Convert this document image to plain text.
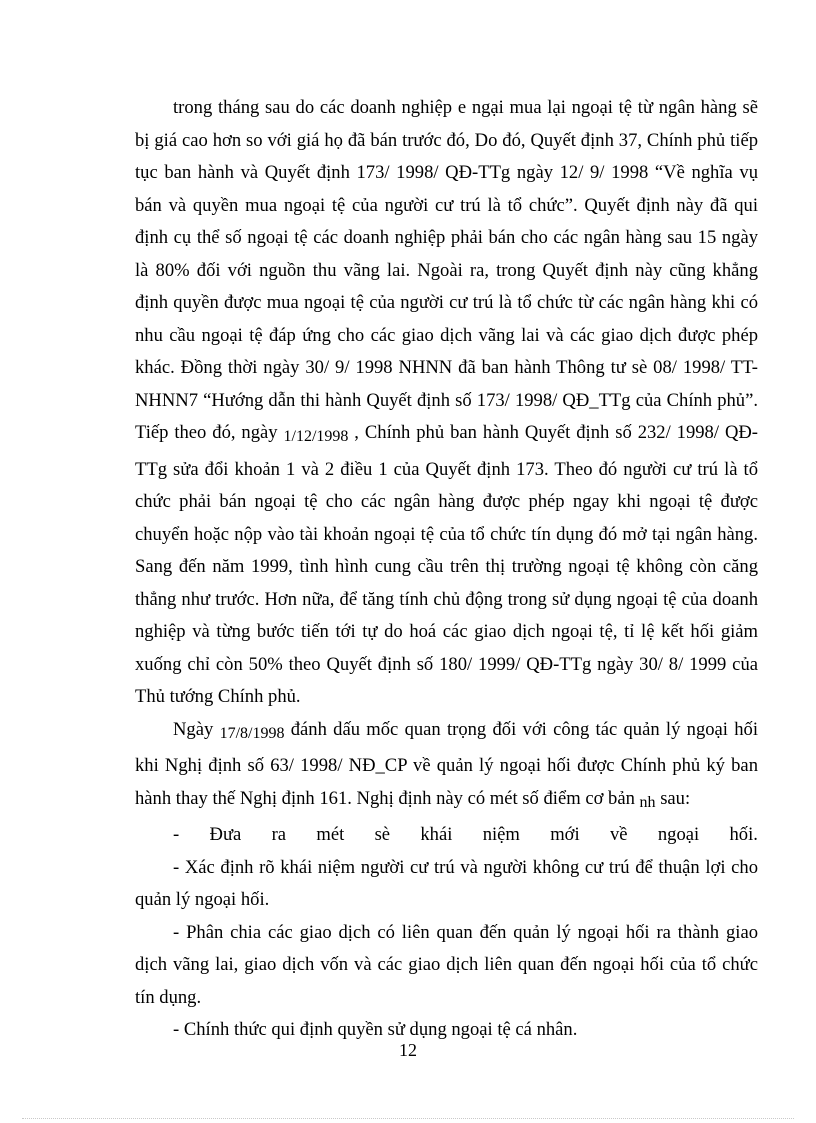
trong tháng sau do các doanh nghiệp e ngại mua lại ngoại tệ từ ngân hàng sẽ bị giá cao hơn so với giá họ đã bán trước đó, Do đó, Quyết định 37, Chính phủ tiếp tục ban hành và Quyết định 173/ 1998/ QĐ-TTg ngày 12/ 9/ 1998 “Về nghĩa vụ bán và quyền mua ngoại tệ của người cư trú là tổ chức”. Quyết định này đã qui định cụ thể số ngoại tệ các doanh nghiệp phải bán cho các ngân hàng sau 15 ngày là 80% đối với nguồn thu vãng lai. Ngoài ra, trong Quyết định này cũng khẳng định quyền được mua ngoại tệ của người cư trú là tổ chức từ các ngân hàng khi có nhu cầu ngoại tệ đáp ứng cho các giao dịch vãng lai và các giao dịch được phép khác. Đồng thời ngày 30/ 9/ 1998 NHNN đã ban hành Thông tư sè 08/ 1998/ TT-NHNN7 “Hướng dẫn thi hành Quyết định số 173/ 1998/ QĐ_TTg của Chính phủ”. Tiếp theo đó, ngày 1/12/1998 , Chính phủ ban hành Quyết định số 232/ 1998/ QĐ-TTg sửa đổi khoản 1 và 2 điều 1 của Quyết định 173. Theo đó người cư trú là tổ chức phải bán ngoại tệ cho các ngân hàng được phép ngay khi ngoại tệ được chuyển hoặc nộp vào tài khoản ngoại tệ của tổ chức tín dụng đó mở tại ngân hàng. Sang đến năm 1999, tình hình cung cầu trên thị trường ngoại tệ không còn căng thẳng như trước. Hơn nữa, để tăng tính chủ động trong sử dụng ngoại tệ của doanh nghiệp và từng bước tiến tới tự do hoá các giao dịch ngoại tệ, tỉ lệ kết hối giảm xuống chỉ còn 50% theo Quyết định số 180/ 1999/ QĐ-TTg ngày 30/ 8/ 1999 của Thủ tướng Chính phủ.

Ngày 17/8/1998 đánh dấu mốc quan trọng đối với công tác quản lý ngoại hối khi Nghị định số 63/ 1998/ NĐ_CP về quản lý ngoại hối được Chính phủ ký ban hành thay thế Nghị định 161. Nghị định này có mét số điểm cơ bản nh sau:

- Đưa ra mét sè khái niệm mới về ngoại hối.

- Xác định rõ khái niệm người cư trú và người không cư trú để thuận lợi cho quản lý ngoại hối.

- Phân chia các giao dịch có liên quan đến quản lý ngoại hối ra thành giao dịch vãng lai, giao dịch vốn và các giao dịch liên quan đến ngoại hối của tổ chức tín dụng.

- Chính thức qui định quyền sử dụng ngoại tệ cá nhân.

12
